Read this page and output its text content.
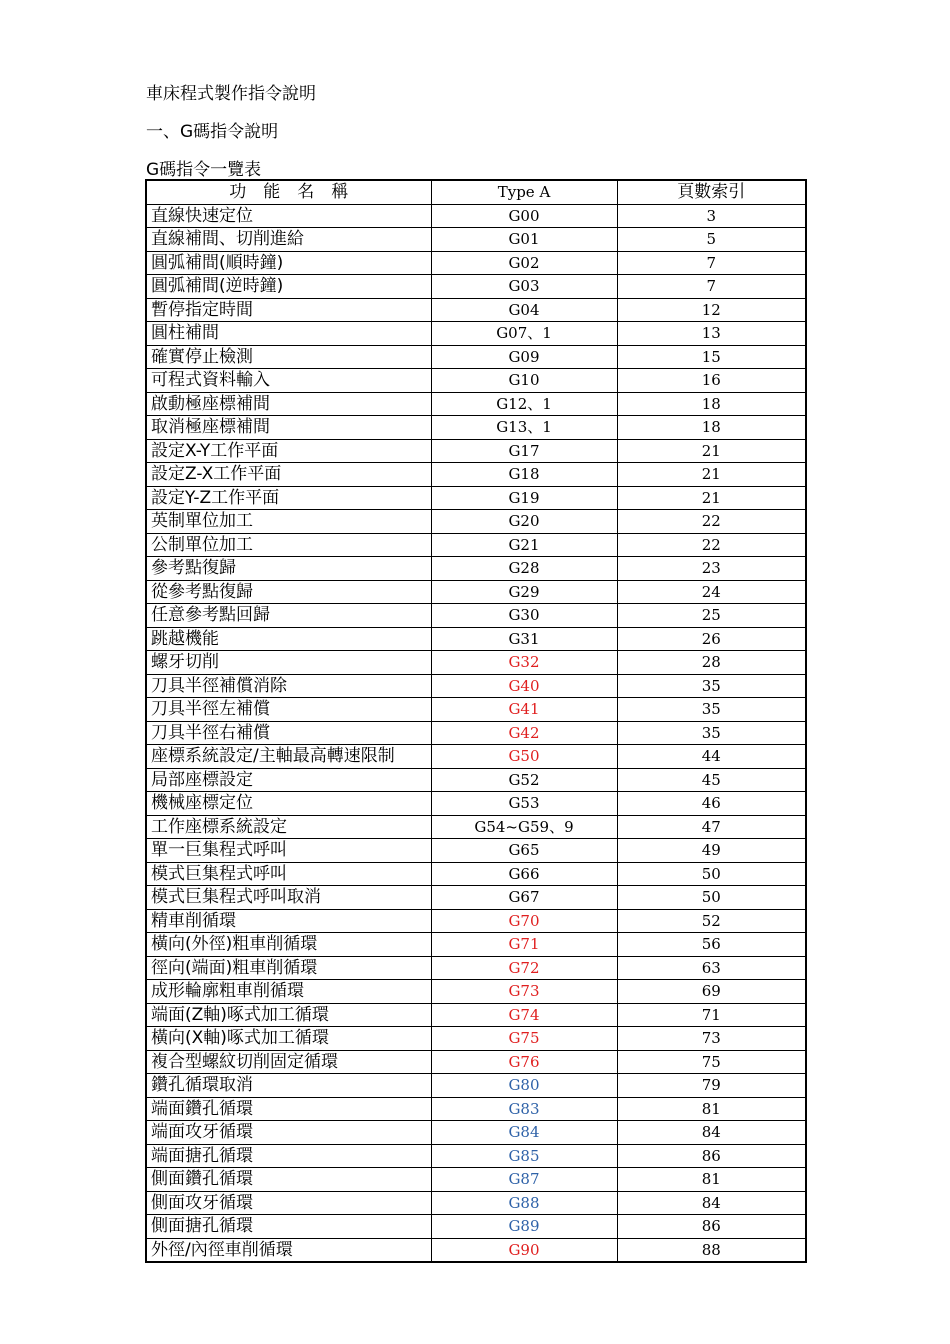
車床程式製作指令說明
一、G碼指令說明
G碼指令一覽表
功　能　名　稱	Type A	頁數索引
直線快速定位	G00	3
直線補間、切削進給	G01	5
圓弧補間(順時鐘)	G02	7
圓弧補間(逆時鐘)	G03	7
暫停指定時間	G04	12
圓柱補間	G07、1	13
確實停止檢測	G09	15
可程式資料輸入	G10	16
啟動極座標補間	G12、1	18
取消極座標補間	G13、1	18
設定X-Y工作平面	G17	21
設定Z-X工作平面	G18	21
設定Y-Z工作平面	G19	21
英制單位加工	G20	22
公制單位加工	G21	22
參考點復歸	G28	23
從參考點復歸	G29	24
任意參考點回歸	G30	25
跳越機能	G31	26
螺牙切削	G32	28
刀具半徑補償消除	G40	35
刀具半徑左補償	G41	35
刀具半徑右補償	G42	35
座標系統設定/主軸最高轉速限制	G50	44
局部座標設定	G52	45
機械座標定位	G53	46
工作座標系統設定	G54~G59、9	47
單一巨集程式呼叫	G65	49
模式巨集程式呼叫	G66	50
模式巨集程式呼叫取消	G67	50
精車削循環	G70	52
橫向(外徑)粗車削循環	G71	56
徑向(端面)粗車削循環	G72	63
成形輪廓粗車削循環	G73	69
端面(Z軸)啄式加工循環	G74	71
橫向(X軸)啄式加工循環	G75	73
複合型螺紋切削固定循環	G76	75
鑽孔循環取消	G80	79
端面鑽孔循環	G83	81
端面攻牙循環	G84	84
端面搪孔循環	G85	86
側面鑽孔循環	G87	81
側面攻牙循環	G88	84
側面搪孔循環	G89	86
外徑/內徑車削循環	G90	88
